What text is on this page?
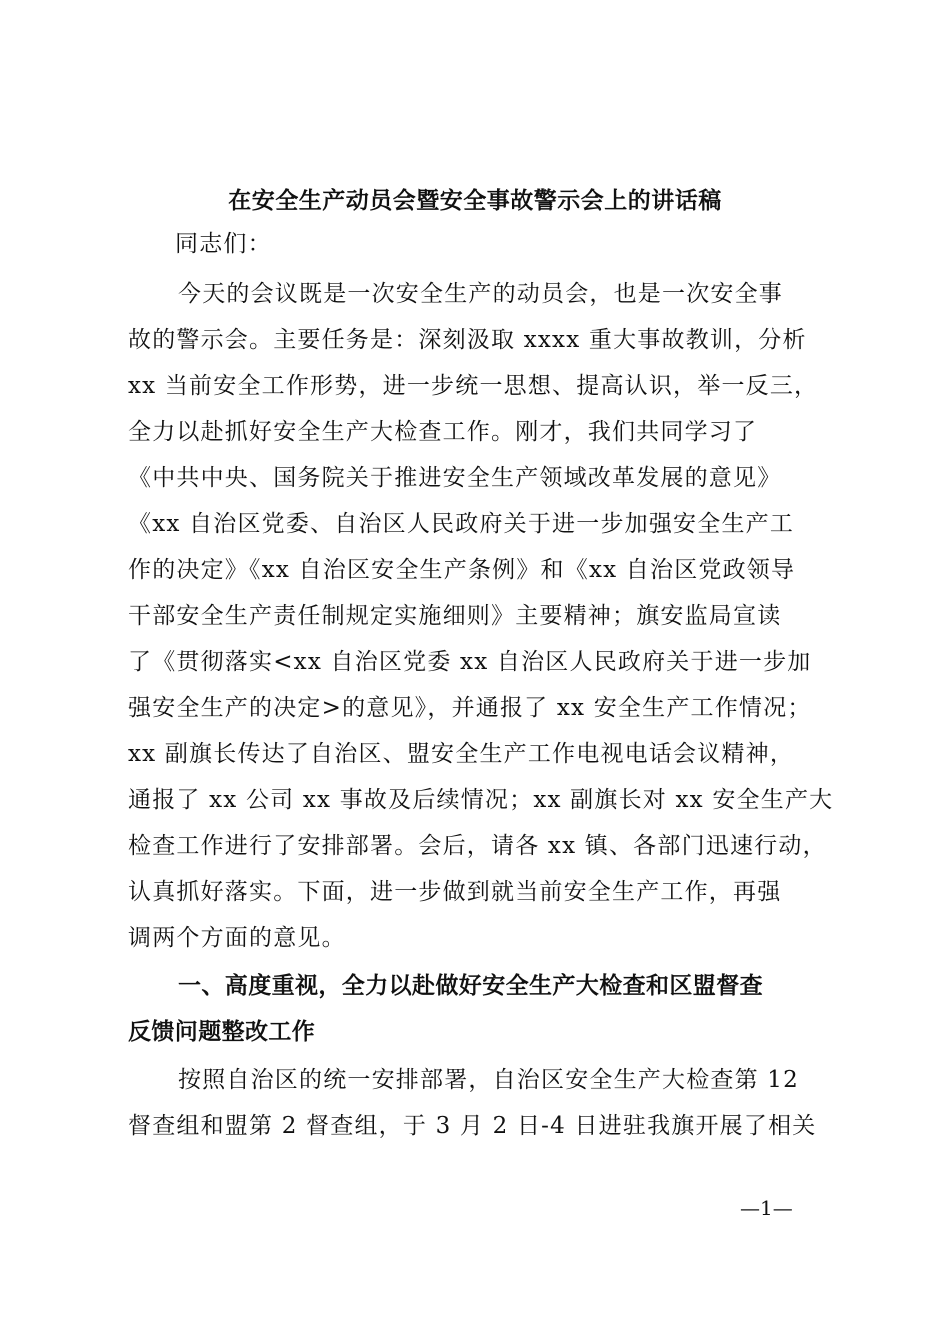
在安全生产动员会暨安全事故警示会上的讲话稿
同志们：
今天的会议既是一次安全生产的动员会，也是一次安全事
故的警示会。主要任务是：深刻汲取 xxxx 重大事故教训，分析
xx 当前安全工作形势，进一步统一思想、提高认识，举一反三，
全力以赴抓好安全生产大检查工作。刚才，我们共同学习了
《中共中央、国务院关于推进安全生产领域改革发展的意见》
《xx 自治区党委、自治区人民政府关于进一步加强安全生产工
作的决定》《xx 自治区安全生产条例》和《xx 自治区党政领导
干部安全生产责任制规定实施细则》主要精神；旗安监局宣读
了《贯彻落实<xx 自治区党委 xx 自治区人民政府关于进一步加
强安全生产的决定>的意见》，并通报了 xx 安全生产工作情况；
xx 副旗长传达了自治区、盟安全生产工作电视电话会议精神，
通报了 xx 公司 xx 事故及后续情况；xx 副旗长对 xx 安全生产大
检查工作进行了安排部署。会后，请各 xx 镇、各部门迅速行动，
认真抓好落实。下面，进一步做到就当前安全生产工作，再强
调两个方面的意见。
一、高度重视，全力以赴做好安全生产大检查和区盟督查
反馈问题整改工作
按照自治区的统一安排部署，自治区安全生产大检查第 12
督查组和盟第 2 督查组，于 3 月 2 日-4 日进驻我旗开展了相关
—1—
